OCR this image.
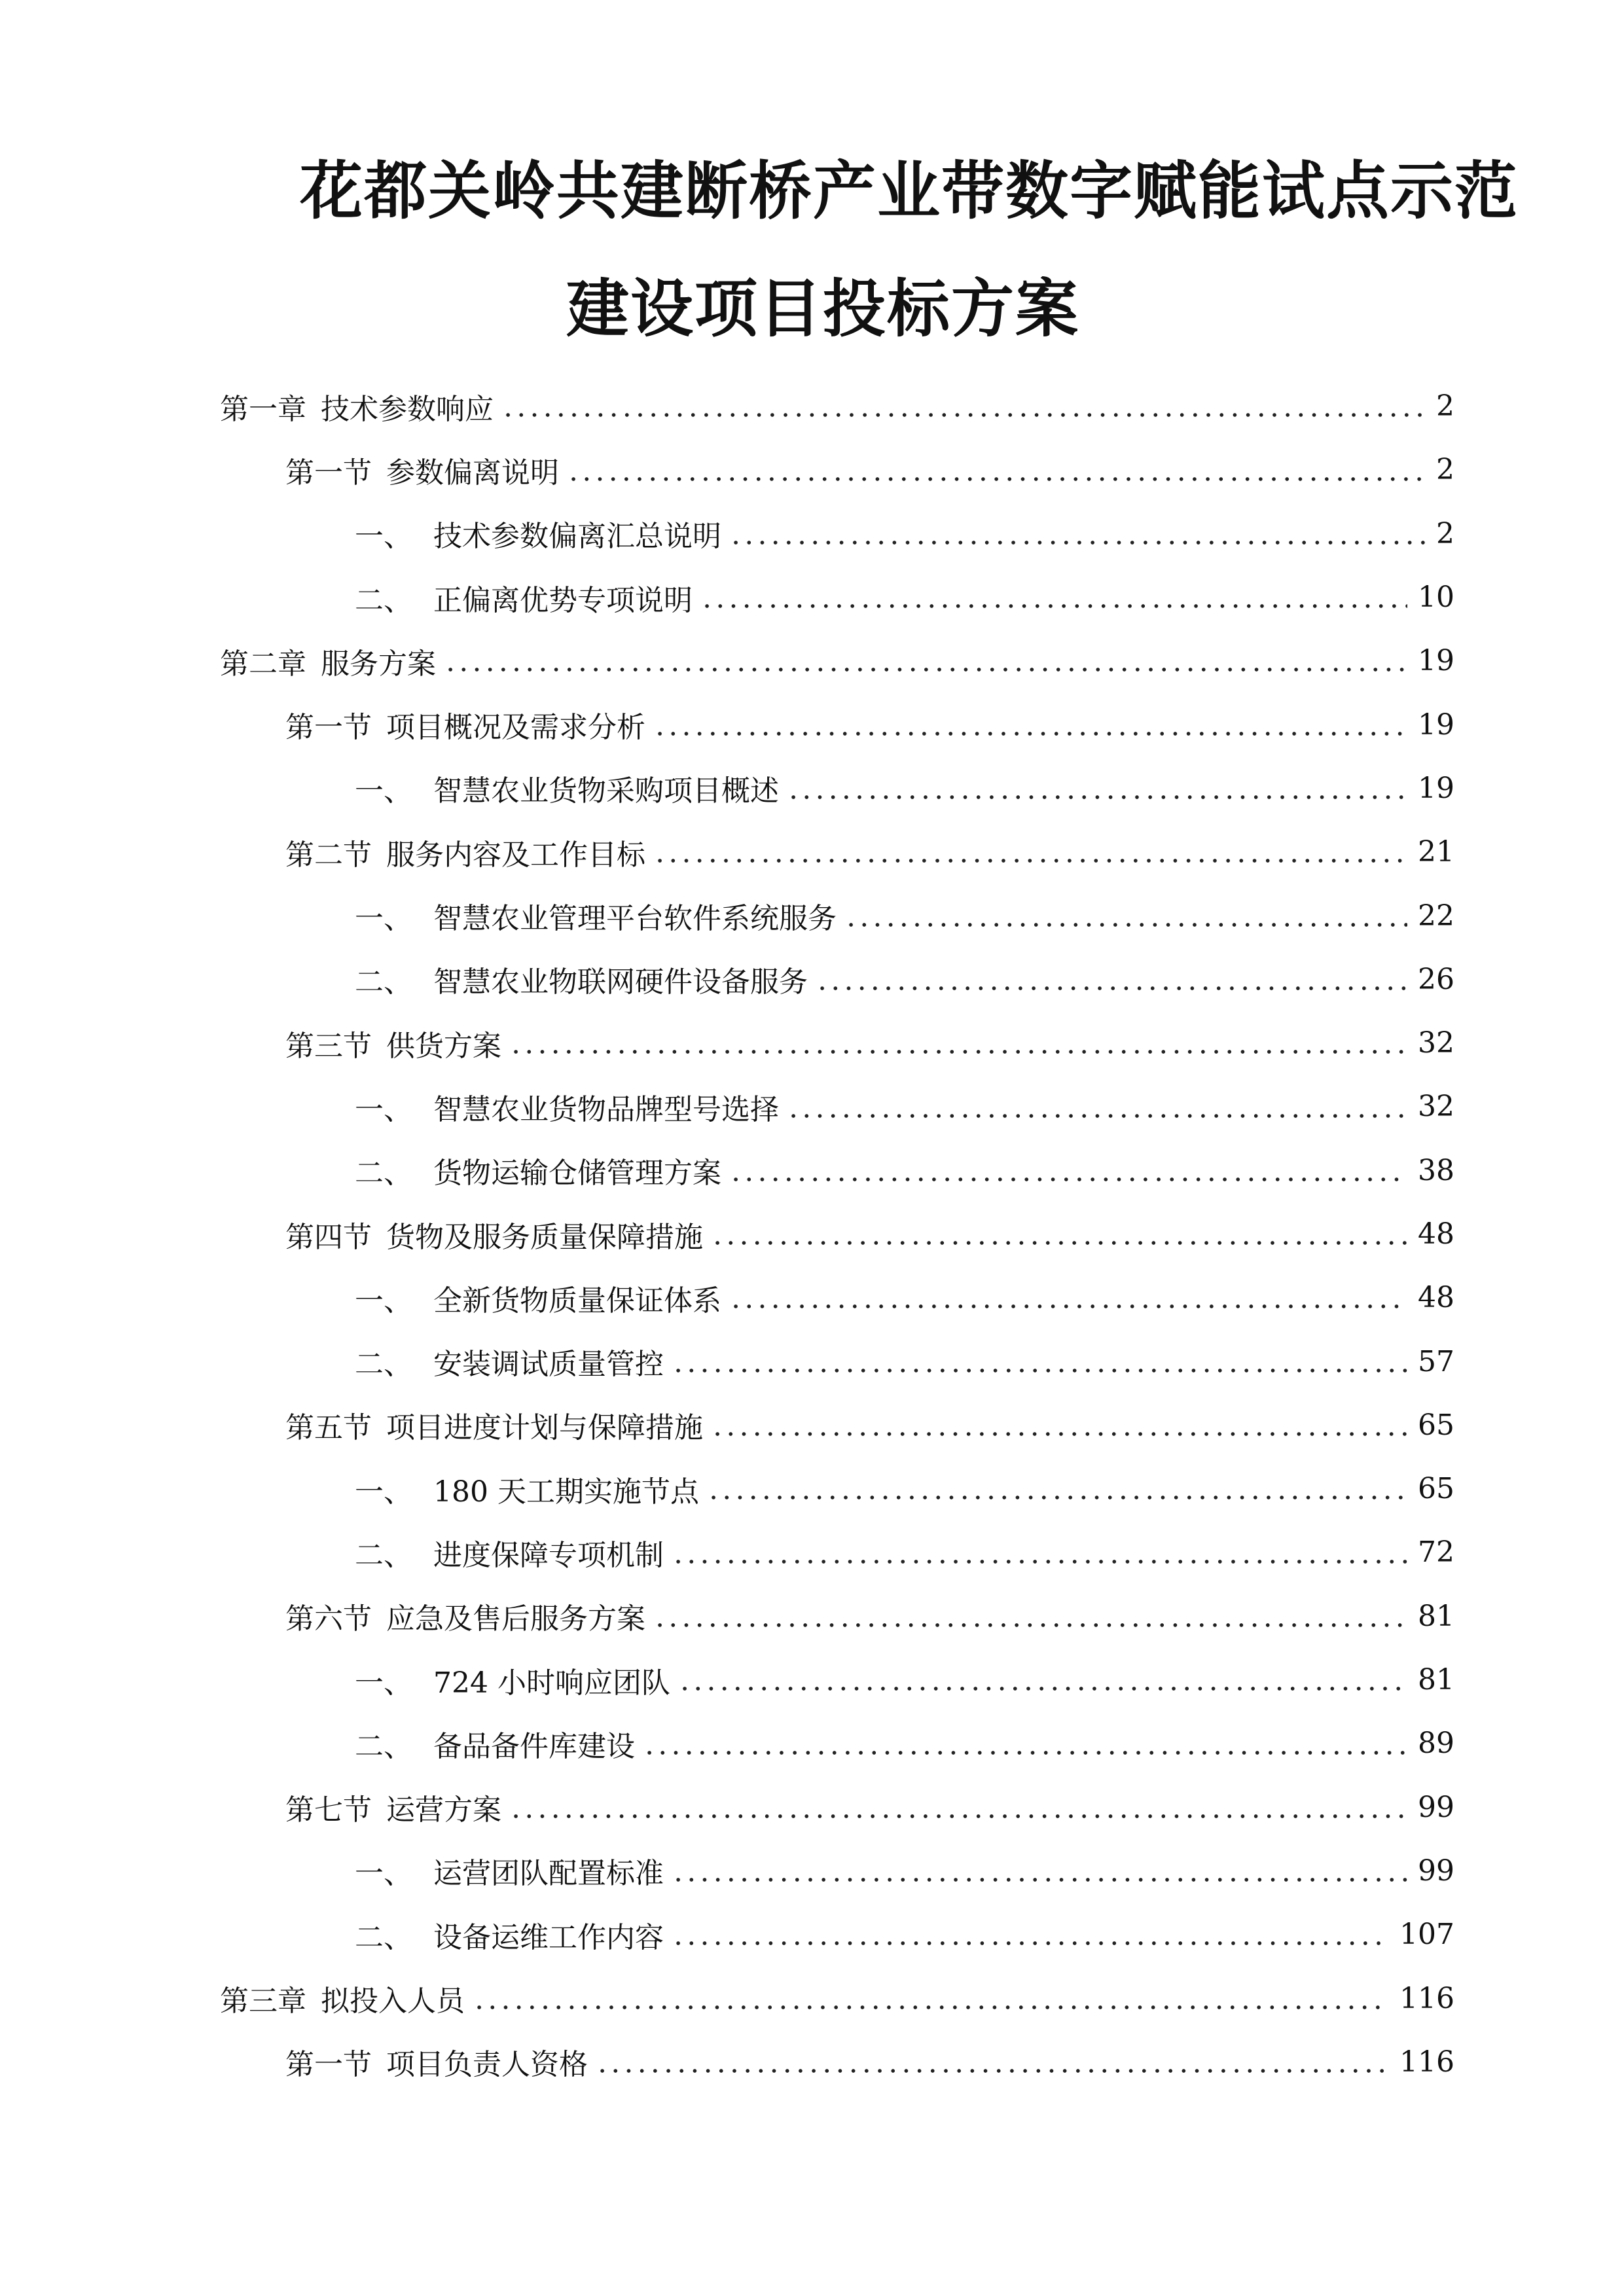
花都关岭共建断桥产业带数字赋能试点示范
建设项目投标方案
第一章 技术参数响应	2
第一节 参数偏离说明	2
一、 技术参数偏离汇总说明	2
二、 正偏离优势专项说明	10
第二章 服务方案	19
第一节 项目概况及需求分析	19
一、 智慧农业货物采购项目概述	19
第二节 服务内容及工作目标	21
一、 智慧农业管理平台软件系统服务	22
二、 智慧农业物联网硬件设备服务	26
第三节 供货方案	32
一、 智慧农业货物品牌型号选择	32
二、 货物运输仓储管理方案	38
第四节 货物及服务质量保障措施	48
一、 全新货物质量保证体系	48
二、 安装调试质量管控	57
第五节 项目进度计划与保障措施	65
一、 180 天工期实施节点	65
二、 进度保障专项机制	72
第六节 应急及售后服务方案	81
一、 724 小时响应团队	81
二、 备品备件库建设	89
第七节 运营方案	99
一、 运营团队配置标准	99
二、 设备运维工作内容	107
第三章 拟投入人员	116
第一节 项目负责人资格	116
